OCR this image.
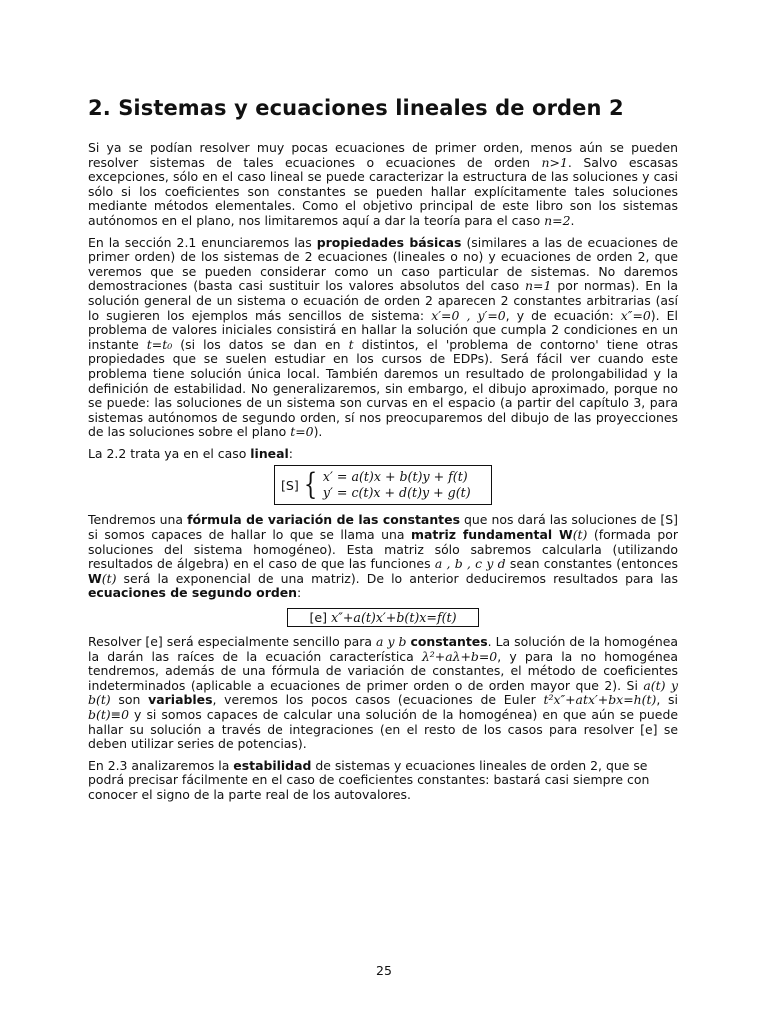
2. Sistemas y ecuaciones lineales de orden 2

Si ya se podían resolver muy pocas ecuaciones de primer orden, menos aún se pueden resolver sistemas de tales ecuaciones o ecuaciones de orden n>1. Salvo escasas excepciones, sólo en el caso lineal se puede caracterizar la estructura de las soluciones y casi sólo si los coeficientes son constantes se pueden hallar explícitamente tales soluciones mediante métodos elementales. Como el objetivo principal de este libro son los sistemas autónomos en el plano, nos limitaremos aquí a dar la teoría para el caso n=2.

En la sección 2.1 enunciaremos las propiedades básicas (similares a las de ecuaciones de primer orden) de los sistemas de 2 ecuaciones (lineales o no) y ecuaciones de orden 2, que veremos que se pueden considerar como un caso particular de sistemas. No daremos demostraciones (basta casi sustituir los valores absolutos del caso n=1 por normas). En la solución general de un sistema o ecuación de orden 2 aparecen 2 constantes arbitrarias (así lo sugieren los ejemplos más sencillos de sistema: x′=0 , y′=0, y de ecuación: x″=0). El problema de valores iniciales consistirá en hallar la solución que cumpla 2 condiciones en un instante t=t₀ (si los datos se dan en t distintos, el 'problema de contorno' tiene otras propiedades que se suelen estudiar en los cursos de EDPs). Será fácil ver cuando este problema tiene solución única local. También daremos un resultado de prolongabilidad y la definición de estabilidad. No generalizaremos, sin embargo, el dibujo aproximado, porque no se puede: las soluciones de un sistema son curvas en el espacio (a partir del capítulo 3, para sistemas autónomos de segundo orden, sí nos preocuparemos del dibujo de las proyecciones de las soluciones sobre el plano t=0).

La 2.2 trata ya en el caso lineal:

[S] { x′ = a(t)x + b(t)y + f(t)
y′ = c(t)x + d(t)y + g(t)

Tendremos una fórmula de variación de las constantes que nos dará las soluciones de [S] si somos capaces de hallar lo que se llama una matriz fundamental W(t) (formada por soluciones del sistema homogéneo). Esta matriz sólo sabremos calcularla (utilizando resultados de álgebra) en el caso de que las funciones a , b , c y d sean constantes (entonces W(t) será la exponencial de una matriz). De lo anterior deduciremos resultados para las ecuaciones de segundo orden:

[e] x″+a(t)x′+b(t)x=f(t)

Resolver [e] será especialmente sencillo para a y b constantes. La solución de la homogénea la darán las raíces de la ecuación característica λ²+aλ+b=0, y para la no homogénea tendremos, además de una fórmula de variación de constantes, el método de coeficientes indeterminados (aplicable a ecuaciones de primer orden o de orden mayor que 2). Si a(t) y b(t) son variables, veremos los pocos casos (ecuaciones de Euler t²x″+atx′+bx=h(t), si b(t)≡0 y si somos capaces de calcular una solución de la homogénea) en que aún se puede hallar su solución a través de integraciones (en el resto de los casos para resolver [e] se deben utilizar series de potencias).

En 2.3 analizaremos la estabilidad de sistemas y ecuaciones lineales de orden 2, que se podrá precisar fácilmente en el caso de coeficientes constantes: bastará casi siempre con conocer el signo de la parte real de los autovalores.

25
